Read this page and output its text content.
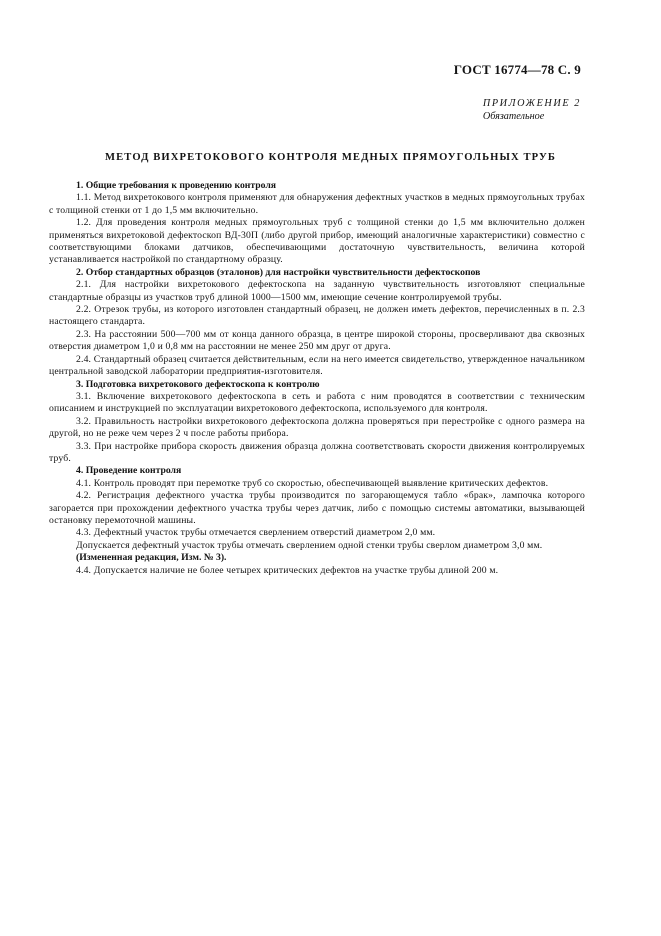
ГОСТ 16774—78 С. 9
ПРИЛОЖЕНИЕ 2
Обязательное
МЕТОД ВИХРЕТОКОВОГО КОНТРОЛЯ МЕДНЫХ ПРЯМОУГОЛЬНЫХ ТРУБ
1. Общие требования к проведению контроля

1.1. Метод вихретокового контроля применяют для обнаружения дефектных участков в медных прямоугольных трубах с толщиной стенки от 1 до 1,5 мм включительно.

1.2. Для проведения контроля медных прямоугольных труб с толщиной стенки до 1,5 мм включительно должен применяться вихретоковой дефектоскоп ВД-30П (либо другой прибор, имеющий аналогичные характеристики) совместно с соответствующими блоками датчиков, обеспечивающими достаточную чувствительность, величина которой устанавливается настройкой по стандартному образцу.

2. Отбор стандартных образцов (эталонов) для настройки чувствительности дефектоскопов

2.1. Для настройки вихретокового дефектоскопа на заданную чувствительность изготовляют специальные стандартные образцы из участков труб длиной 1000—1500 мм, имеющие сечение контролируемой трубы.

2.2. Отрезок трубы, из которого изготовлен стандартный образец, не должен иметь дефектов, перечисленных в п. 2.3 настоящего стандарта.

2.3. На расстоянии 500—700 мм от конца данного образца, в центре широкой стороны, просверливают два сквозных отверстия диаметром 1,0 и 0,8 мм на расстоянии не менее 250 мм друг от друга.

2.4. Стандартный образец считается действительным, если на него имеется свидетельство, утвержденное начальником центральной заводской лаборатории предприятия-изготовителя.

3. Подготовка вихретокового дефектоскопа к контролю

3.1. Включение вихретокового дефектоскопа в сеть и работа с ним проводятся в соответствии с техническим описанием и инструкцией по эксплуатации вихретокового дефектоскопа, используемого для контроля.

3.2. Правильность настройки вихретокового дефектоскопа должна проверяться при перестройке с одного размера на другой, но не реже чем через 2 ч после работы прибора.

3.3. При настройке прибора скорость движения образца должна соответствовать скорости движения контролируемых труб.

4. Проведение контроля

4.1. Контроль проводят при перемотке труб со скоростью, обеспечивающей выявление критических дефектов.

4.2. Регистрация дефектного участка трубы производится по загорающемуся табло «брак», лампочка которого загорается при прохождении дефектного участка трубы через датчик, либо с помощью системы автоматики, вызывающей остановку перемоточной машины.

4.3. Дефектный участок трубы отмечается сверлением отверстий диаметром 2,0 мм.

Допускается дефектный участок трубы отмечать сверлением одной стенки трубы сверлом диаметром 3,0 мм.

(Измененная редакция, Изм. № 3).

4.4. Допускается наличие не более четырех критических дефектов на участке трубы длиной 200 м.
